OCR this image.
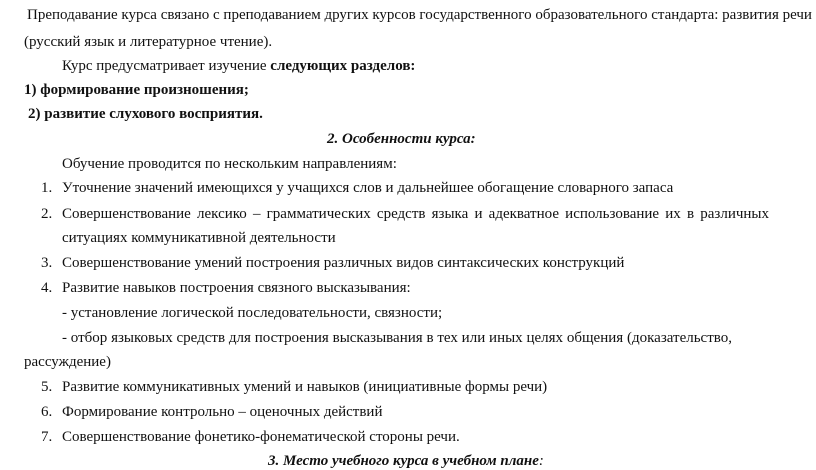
Преподавание курса связано с преподаванием других курсов государственного образовательного стандарта: развития речи
(русский язык и литературное чтение).
Курс предусматривает изучение следующих разделов:
1) формирование произношения;
2) развитие слухового восприятия.
2. Особенности курса:
Обучение проводится по нескольким направлениям:
1. Уточнение значений имеющихся у учащихся слов и дальнейшее обогащение словарного запаса
2. Совершенствование лексико – грамматических средств языка и адекватное использование их в различных
ситуациях коммуникативной деятельности
3. Совершенствование умений построения различных видов синтаксических конструкций
4. Развитие навыков построения связного высказывания:
- установление логической последовательности, связности;
- отбор языковых средств для построения высказывания в тех или иных целях общения (доказательство,
рассуждение)
5. Развитие коммуникативных умений и навыков (инициативные формы речи)
6. Формирование контрольно – оценочных действий
7. Совершенствование фонетико-фонематической стороны речи.
3. Место учебного курса в учебном плане:
